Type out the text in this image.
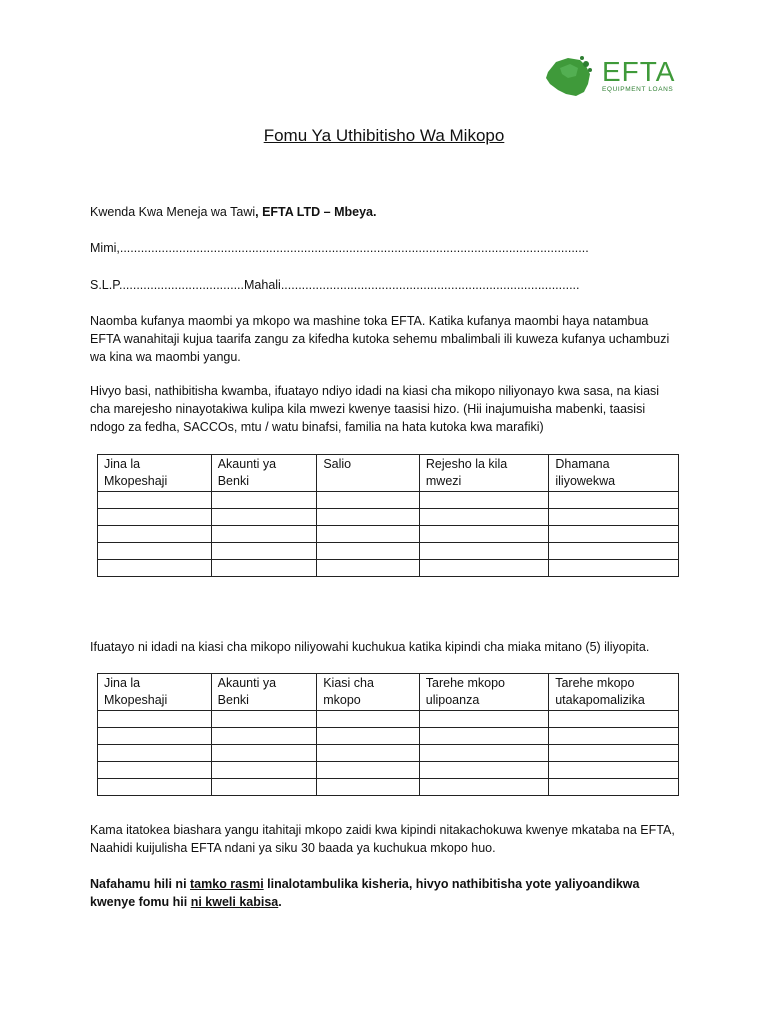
EFTA
EQUIPMENT LOANS
Fomu Ya Uthibitisho Wa Mikopo
Kwenda Kwa Meneja wa Tawi, EFTA LTD – Mbeya.
Mimi,.......................................................................................................................................
S.L.P....................................Mahali......................................................................................
Naomba kufanya maombi ya mkopo wa mashine toka EFTA. Katika kufanya maombi haya natambua EFTA wanahitaji kujua taarifa zangu za kifedha kutoka sehemu mbalimbali ili kuweza kufanya uchambuzi wa kina wa maombi yangu.
Hivyo basi, nathibitisha kwamba, ifuatayo ndiyo idadi na kiasi cha mikopo niliyonayo kwa sasa, na kiasi cha marejesho ninayotakiwa kulipa kila mwezi kwenye taasisi hizo. (Hii inajumuisha mabenki, taasisi ndogo za fedha, SACCOs, mtu / watu binafsi, familia na hata kutoka kwa marafiki)
Jina la Mkopeshaji	Akaunti ya Benki	Salio	Rejesho la kila mwezi	Dhamana iliyowekwa

Ifuatayo ni idadi na kiasi cha mikopo niliyowahi kuchukua katika kipindi cha miaka mitano (5) iliyopita.
Jina la Mkopeshaji	Akaunti ya Benki	Kiasi cha mkopo	Tarehe mkopo ulipoanza	Tarehe mkopo utakapomalizika

Kama itatokea biashara yangu itahitaji mkopo zaidi kwa kipindi nitakachokuwa kwenye mkataba na EFTA, Naahidi kuijulisha EFTA ndani ya siku 30 baada ya kuchukua mkopo huo.
Nafahamu hili ni tamko rasmi linalotambulika kisheria, hivyo nathibitisha yote yaliyoandikwa kwenye fomu hii ni kweli kabisa.
